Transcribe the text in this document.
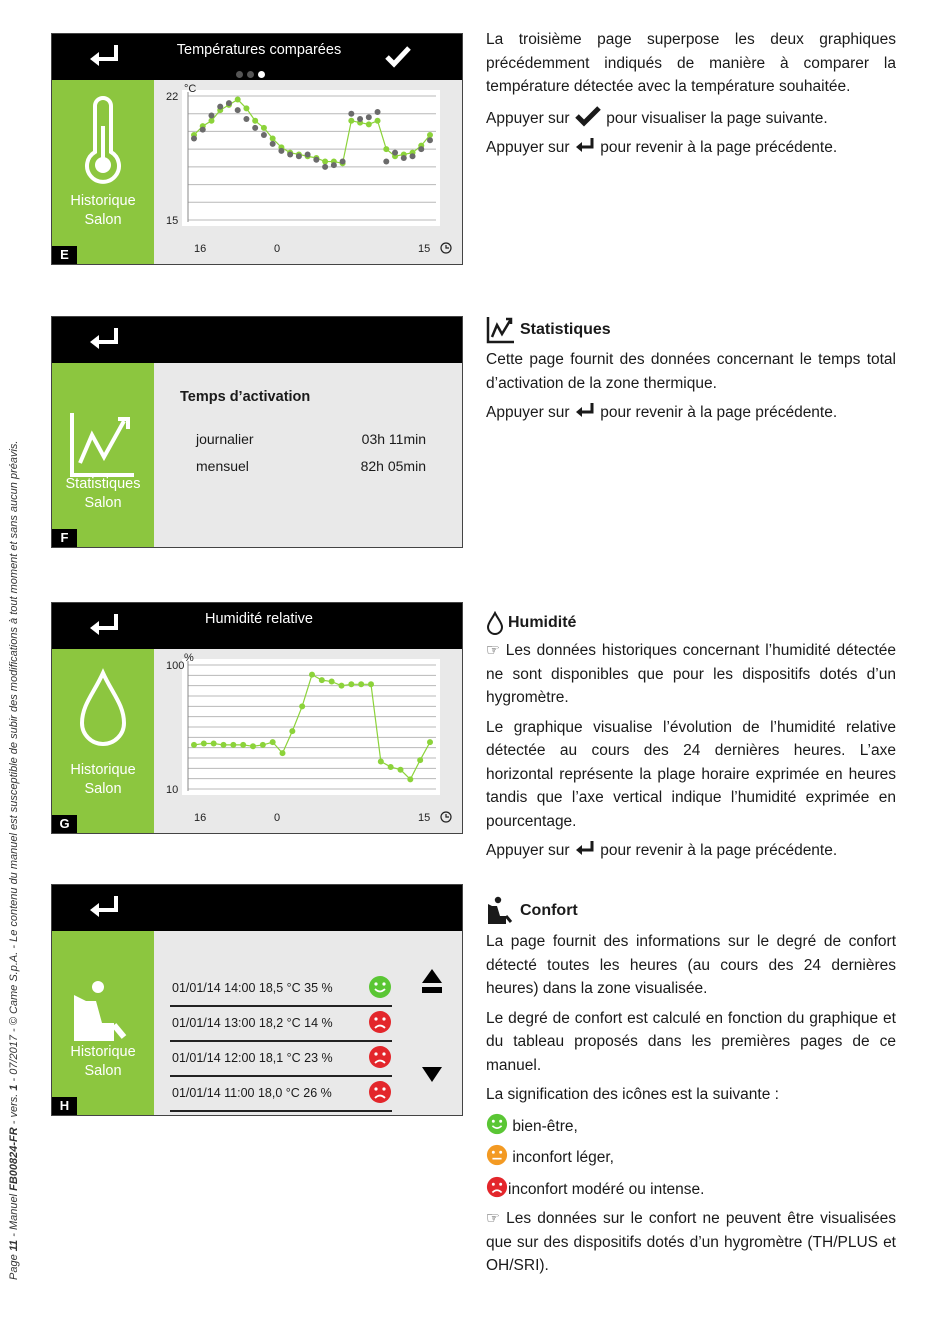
Page 11 - Manuel FB00824-FR - vers. 1 - 07/2017 - © Came S.p.A. - Le contenu du manuel est susceptible de subir des modifications à tout moment et sans aucun préavis.
Températures comparées
Historique
Salon
E
°C
22
15
16	0	15

La troisième page superpose les deux graphiques précédemment indiqués de manière à comparer la température détectée avec la température souhaitée.

Appuyer sur  pour visualiser la page suivante.

Appuyer sur  pour revenir à la page précédente.

Statistiques
Salon
F
Temps d’activation
journalier	03h 11min
mensuel	82h 05min
Statistiques

Cette page fournit des données concernant le temps total d’activation de la zone thermique.

Appuyer sur  pour revenir à la page précédente.

Humidité relative
Historique
Salon
G
%
100
10
16	0	15
Humidité

☞ Les données historiques concernant l’humidité détectée ne sont disponibles que pour les dispositifs dotés d’un hygromètre.

Le graphique visualise l’évolution de l’humidité relative détectée au cours des 24 dernières heures. L’axe horizontal représente la plage horaire exprimée en heures tandis que l’axe vertical indique l’humidité exprimée en pourcentage.

Appuyer sur  pour revenir à la page précédente.

Historique
Salon
H
01/01/14 14:00 18,5 °C 35 %
01/01/14 13:00 18,2 °C 14 %
01/01/14 12:00 18,1 °C 23 %
01/01/14 11:00 18,0 °C 26 %
Confort

La page fournit des informations sur le degré de confort détecté toutes les heures (au cours des 24 dernières heures) dans la zone visualisée.

Le degré de confort est calculé en fonction du graphique et du tableau proposés dans les premières pages de ce manuel.

La signification des icônes est la suivante :

bien-être,
inconfort léger,
inconfort modéré ou intense.

☞ Les données sur le confort ne peuvent être visualisées que sur des dispositifs dotés d’un hygromètre (TH/PLUS et OH/SRI).
